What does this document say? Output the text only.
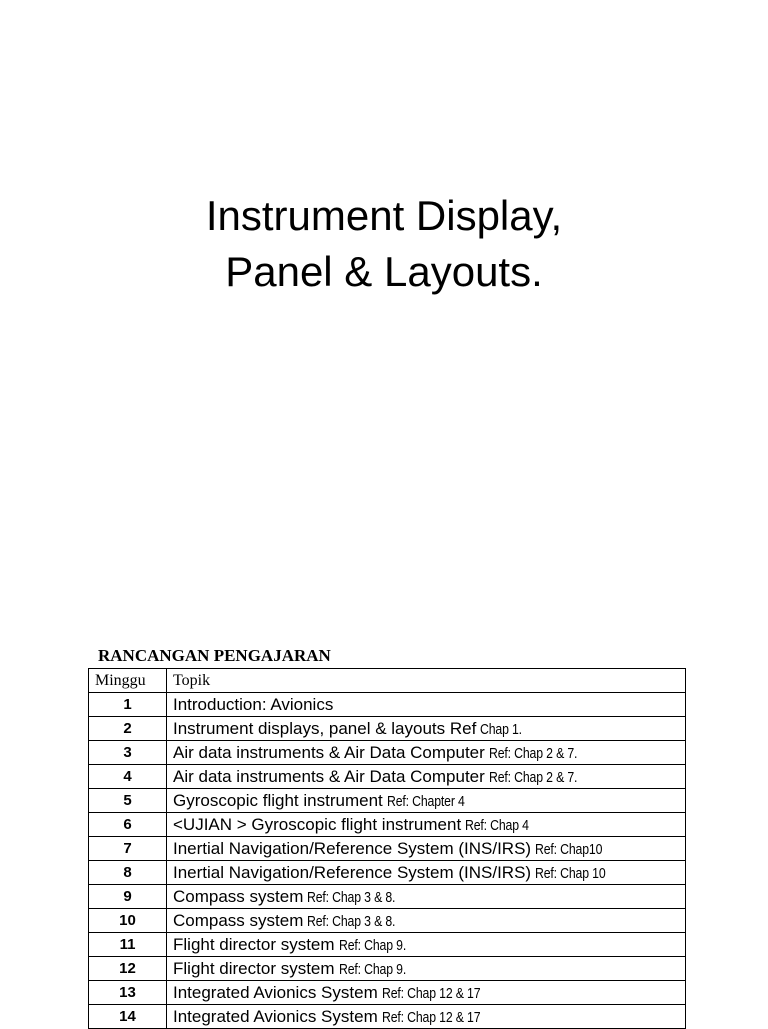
Instrument Display,
Panel & Layouts.
RANCANGAN PENGAJARAN
Minggu	Topik
1	Introduction: Avionics
2	Instrument displays, panel & layouts Ref Chap 1.
3	Air data instruments & Air Data Computer Ref: Chap 2 & 7.
4	Air data instruments & Air Data Computer Ref: Chap 2 & 7.
5	Gyroscopic flight instrument Ref: Chapter 4
6	<UJIAN > Gyroscopic flight instrument Ref: Chap 4
7	Inertial Navigation/Reference System (INS/IRS) Ref: Chap10
8	Inertial Navigation/Reference System (INS/IRS) Ref: Chap 10
9	Compass system Ref: Chap 3 & 8.
10	Compass system Ref: Chap 3 & 8.
11	Flight director system Ref: Chap 9.
12	Flight director system Ref: Chap 9.
13	Integrated Avionics System Ref: Chap 12 & 17
14	Integrated Avionics System Ref: Chap 12 & 17
